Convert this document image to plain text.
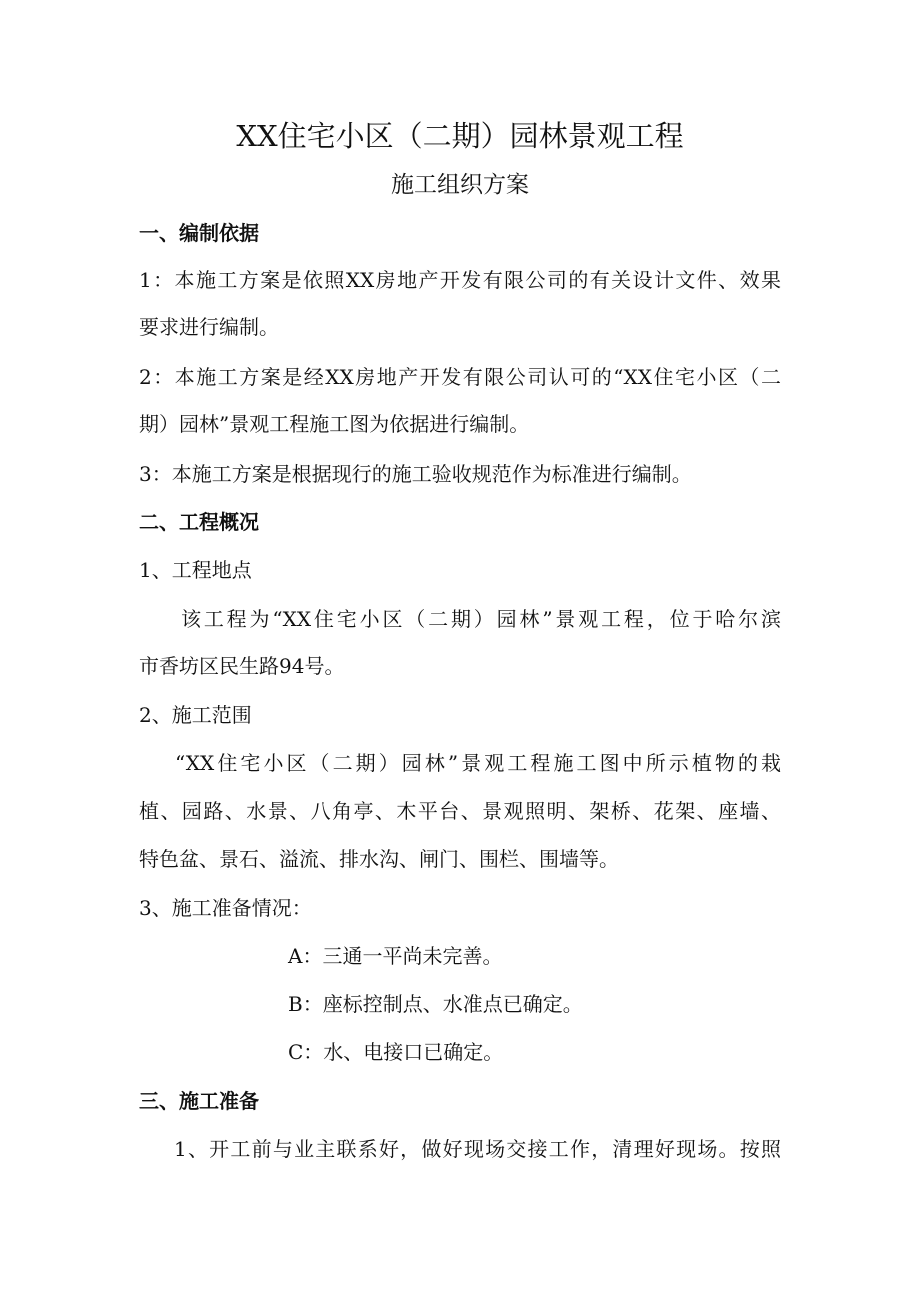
XX住宅小区（二期）园林景观工程
施工组织方案
一、编制依据
1：本施工方案是依照XX房地产开发有限公司的有关设计文件、效果
要求进行编制。
2：本施工方案是经XX房地产开发有限公司认可的“XX住宅小区（二
期）园林”景观工程施工图为依据进行编制。
3：本施工方案是根据现行的施工验收规范作为标准进行编制。
二、工程概况
1、工程地点
该工程为“XX住宅小区（二期）园林”景观工程，位于哈尔滨
市香坊区民生路94号。
2、施工范围
“XX住宅小区（二期）园林”景观工程施工图中所示植物的栽
植、园路、水景、八角亭、木平台、景观照明、架桥、花架、座墙、
特色盆、景石、溢流、排水沟、闸门、围栏、围墙等。
3、施工准备情况：
A：三通一平尚未完善。
B：座标控制点、水准点已确定。
C：水、电接口已确定。
三、施工准备
1、开工前与业主联系好，做好现场交接工作，清理好现场。按照
